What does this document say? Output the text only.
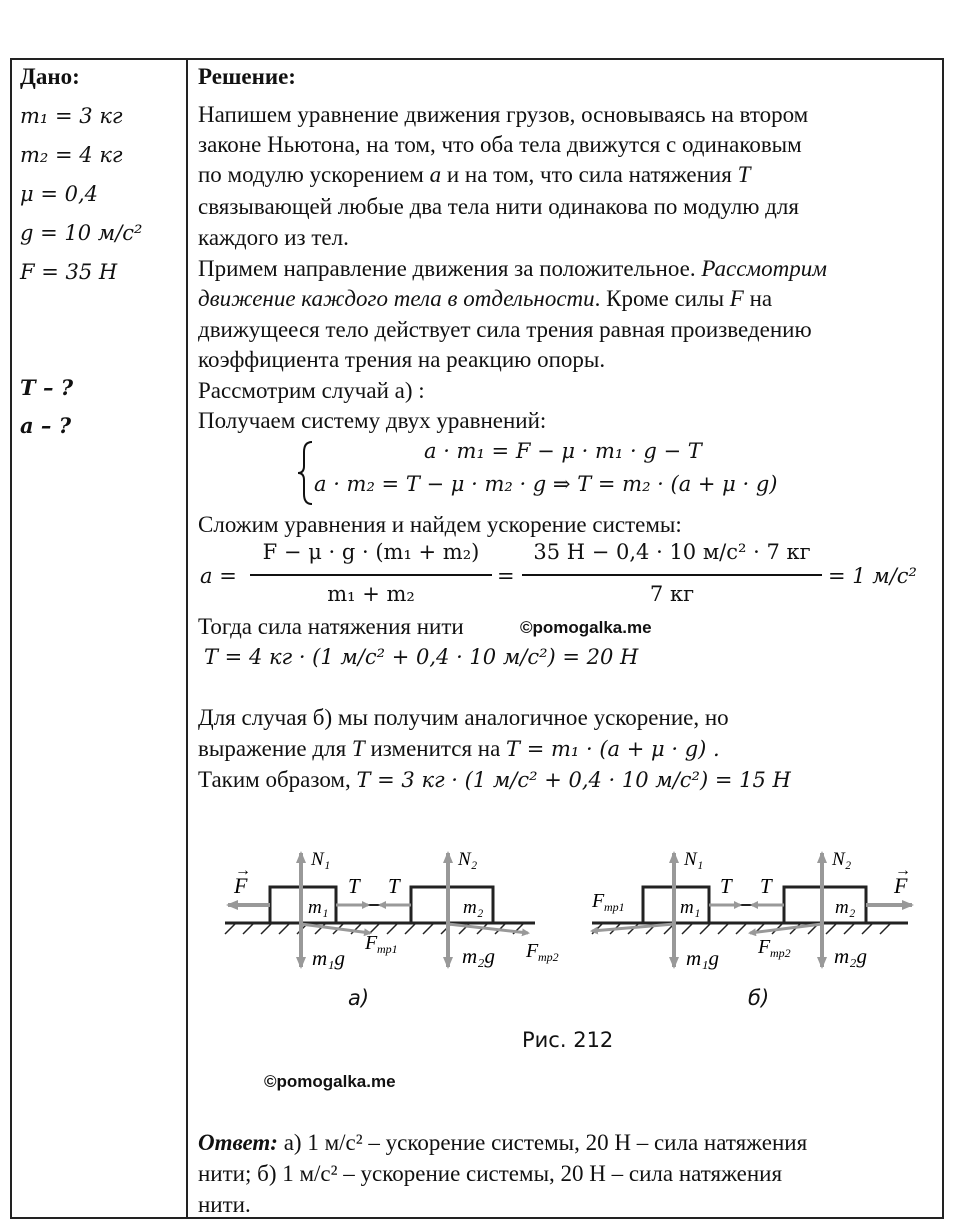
Дано:
m₁ = 3 кг
m₂ = 4 кг
μ = 0,4
g = 10 м/с²
F = 35 Н
T – ?
a – ?
Решение:
Напишем уравнение движения грузов, основываясь на втором
законе Ньютона, на том, что оба тела движутся с одинаковым
по модулю ускорением a и на том, что сила натяжения T
связывающей любые два тела нити одинакова по модулю для
каждого из тел.
Примем направление движения за положительное. Рассмотрим
движение каждого тела в отдельности. Кроме силы F на
движущееся тело действует сила трения равная произведению
коэффициента трения на реакцию опоры.
Рассмотрим случай а) :
Получаем систему двух уравнений:
a · m₁ = F − μ · m₁ · g − T
a · m₂ = T − μ · m₂ · g ⇒ T = m₂ · (a + μ · g)
Сложим уравнения и найдем ускорение системы:
a =
F − μ · g · (m₁ + m₂)
m₁ + m₂
=
35 Н − 0,4 · 10 м/с² · 7 кг
7 кг
= 1 м/с²
Тогда сила натяжения нити	©pomogalka.me
T = 4 кг · (1 м/с² + 0,4 · 10 м/с²) = 20 Н
Для случая б) мы получим аналогичное ускорение, но
выражение для T изменится на T = m₁ · (a + μ · g) .
Таким образом, T = 3 кг · (1 м/с² + 0,4 · 10 м/с²) = 15 Н
F
→
N₁
m₁
T T
N₂
m₂
F тр1
m₁g	m₂g F тр2
F тр1
N₁
m₁
T T
N₂
m₂
F
→
F тр2
m₁g	m₂g
а)	б)
Рис. 212
©pomogalka.me
Ответ: а) 1 м/с² – ускорение системы, 20 Н – сила натяжения
нити; б) 1 м/с² – ускорение системы, 20 Н – сила натяжения
нити.
